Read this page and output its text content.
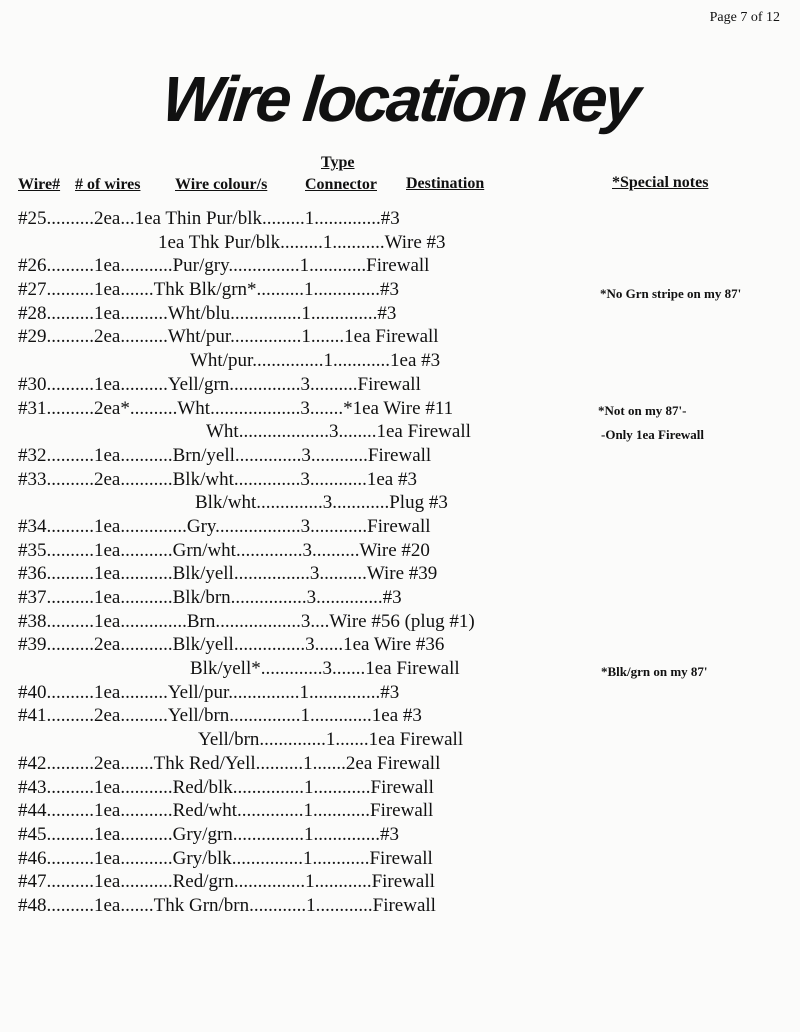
Page 7 of 12
Wire location key
Wire# # of wires Wire colour/s
Type
Connector Destination	*Special notes
#25..........2ea...1ea Thin Pur/blk.........1..............#3
1ea Thk Pur/blk.........1...........Wire #3
#26..........1ea...........Pur/gry...............1............Firewall
#27..........1ea.......Thk Blk/grn*..........1..............#3
#28..........1ea..........Wht/blu...............1..............#3
#29..........2ea..........Wht/pur...............1.......1ea Firewall
Wht/pur...............1............1ea #3
#30..........1ea..........Yell/grn...............3..........Firewall
#31..........2ea*..........Wht...................3.......*1ea Wire #11
Wht...................3........1ea Firewall
#32..........1ea...........Brn/yell..............3............Firewall
#33..........2ea...........Blk/wht..............3............1ea #3
Blk/wht..............3............Plug #3
#34..........1ea..............Gry..................3............Firewall
#35..........1ea...........Grn/wht..............3..........Wire #20
#36..........1ea...........Blk/yell................3..........Wire #39
#37..........1ea...........Blk/brn................3..............#3
#38..........1ea..............Brn..................3....Wire #56 (plug #1)
#39..........2ea...........Blk/yell...............3......1ea Wire #36
Blk/yell*.............3.......1ea Firewall
#40..........1ea..........Yell/pur...............1...............#3
#41..........2ea..........Yell/brn...............1.............1ea #3
Yell/brn..............1.......1ea Firewall
#42..........2ea.......Thk Red/Yell..........1.......2ea Firewall
#43..........1ea...........Red/blk...............1............Firewall
#44..........1ea...........Red/wht..............1............Firewall
#45..........1ea...........Gry/grn...............1..............#3
#46..........1ea...........Gry/blk...............1............Firewall
#47..........1ea...........Red/grn...............1............Firewall
#48..........1ea.......Thk Grn/brn............1............Firewall
*No Grn stripe on my 87'
*Not on my 87'-
-Only 1ea Firewall
*Blk/grn on my 87'
